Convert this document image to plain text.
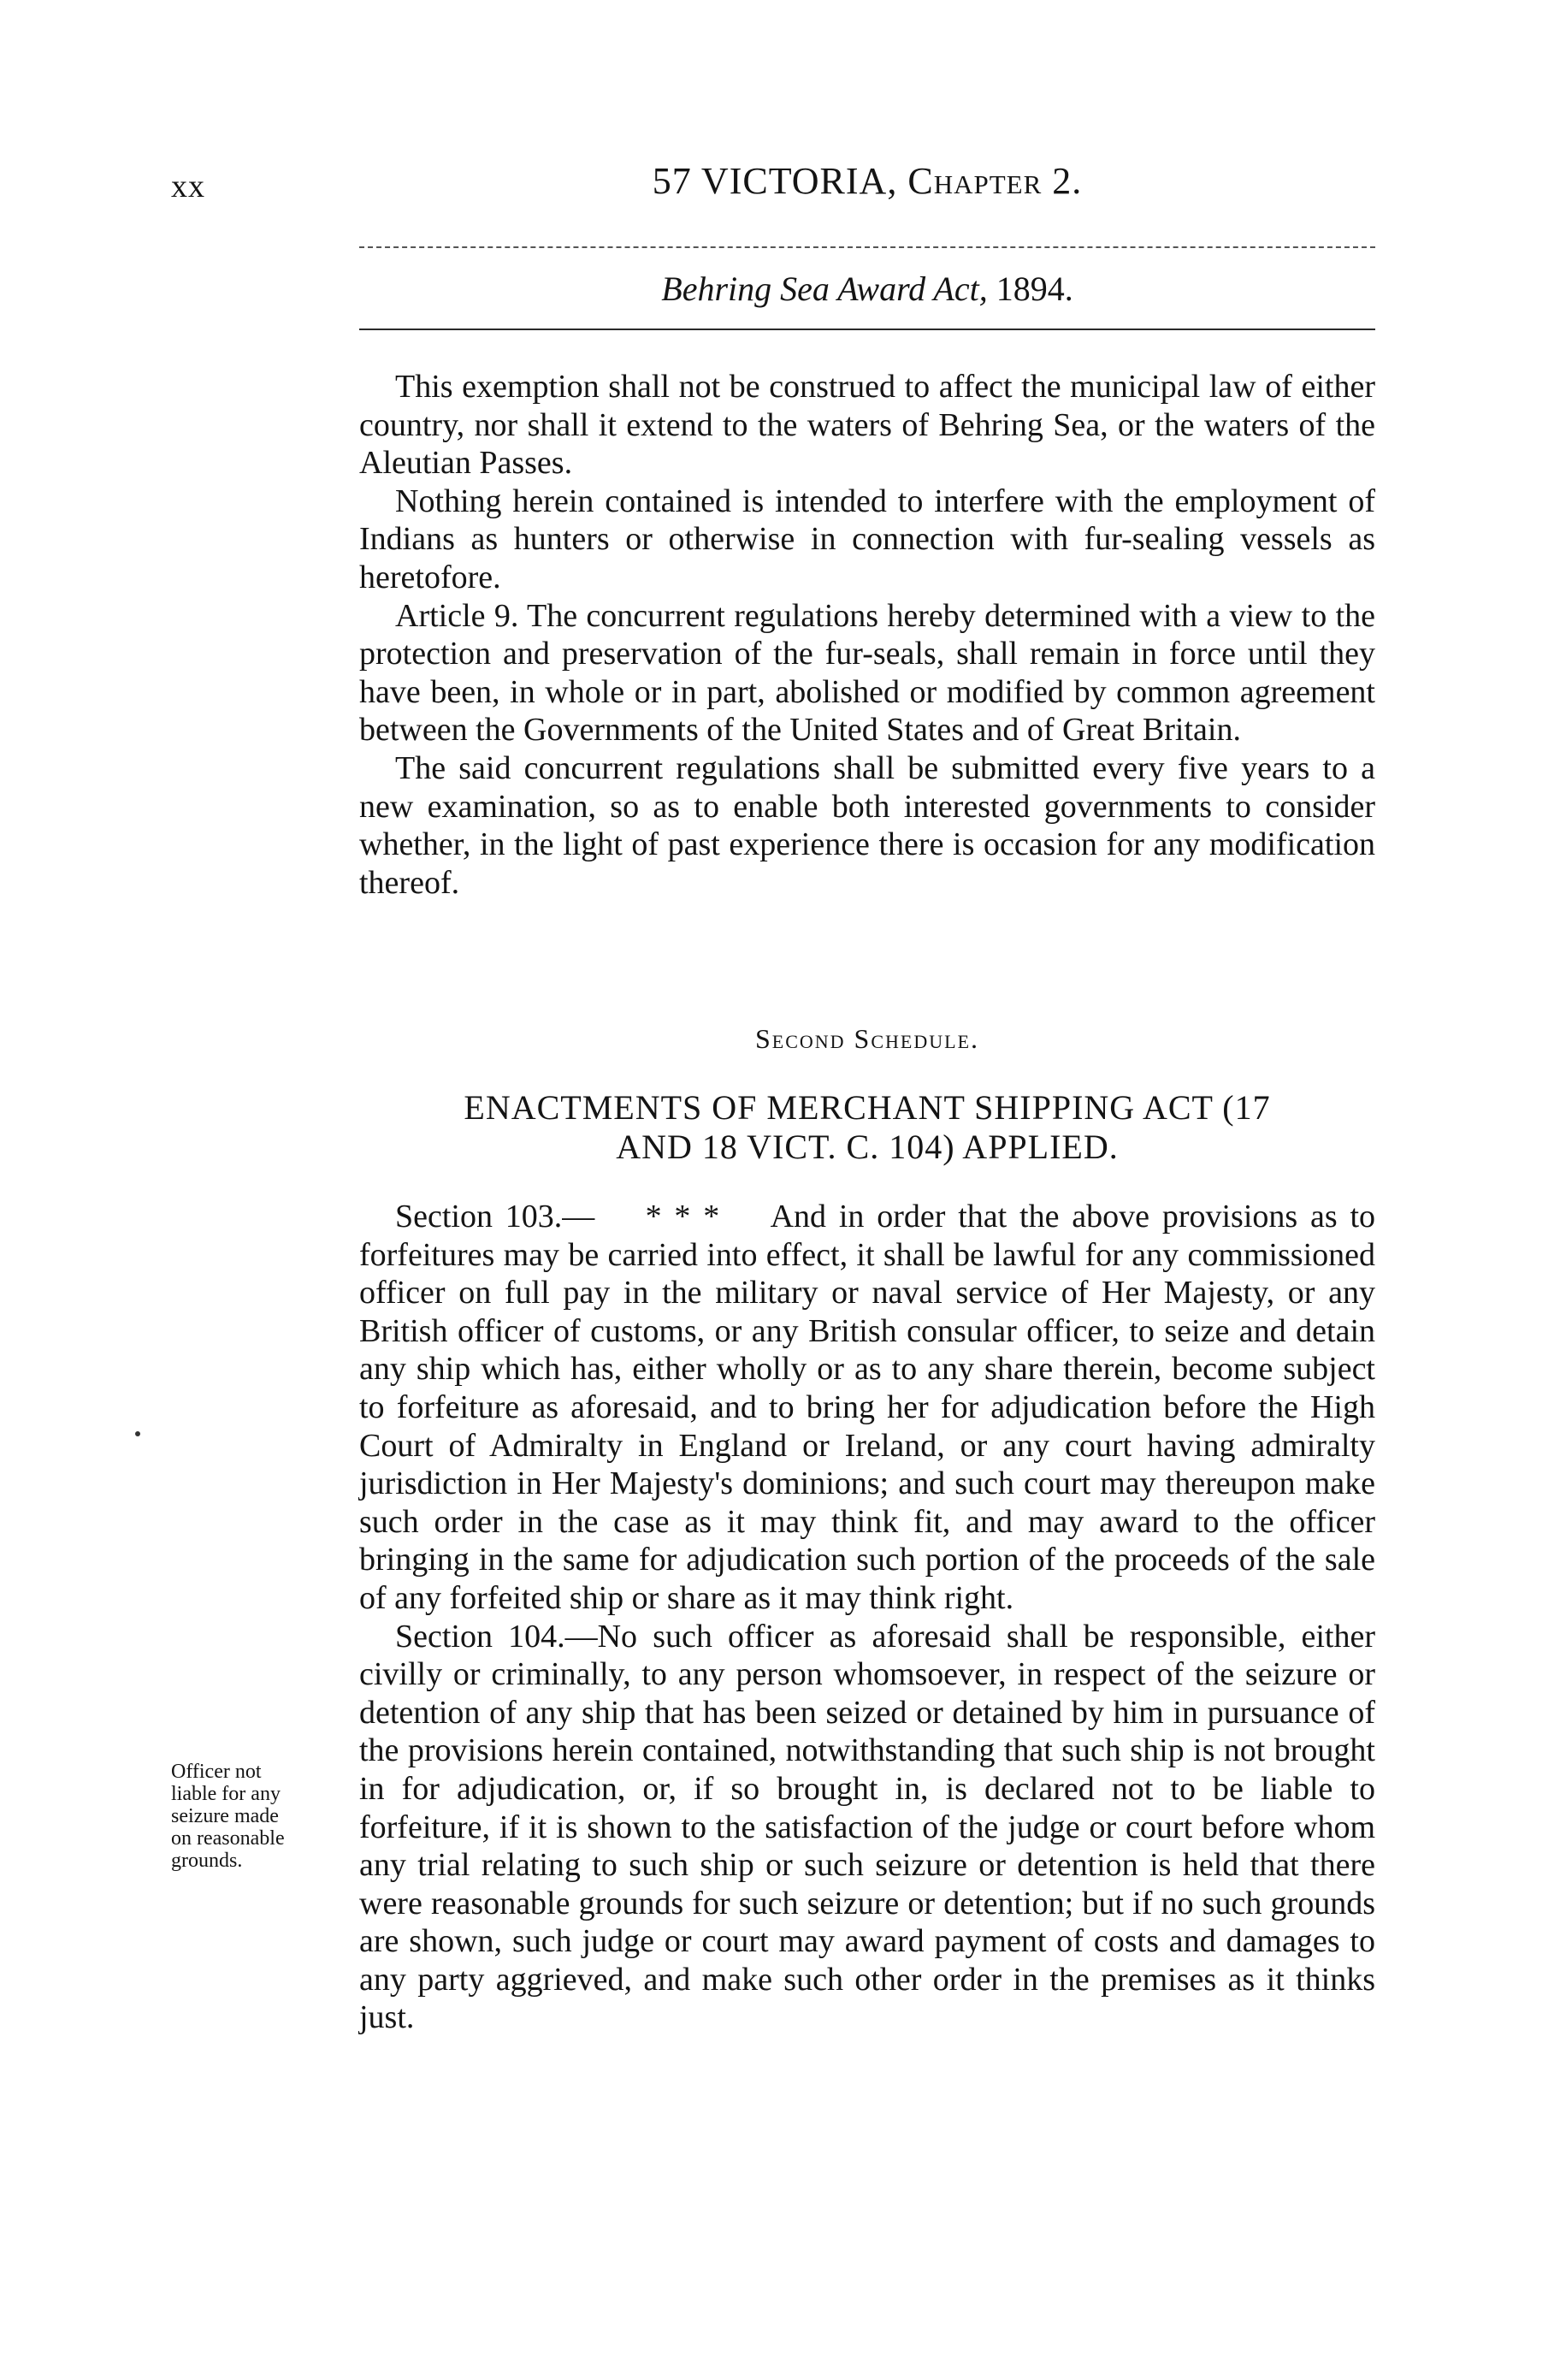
xx	57 VICTORIA, Chapter 2.
Behring Sea Award Act, 1894.

This exemption shall not be construed to affect the municipal law of either country, nor shall it extend to the waters of Behring Sea, or the waters of the Aleutian Passes.

Nothing herein contained is intended to interfere with the employment of Indians as hunters or otherwise in connection with fur-sealing vessels as heretofore.

Article 9. The concurrent regulations hereby determined with a view to the protection and preservation of the fur-seals, shall remain in force until they have been, in whole or in part, abolished or modified by common agreement between the Governments of the United States and of Great Britain.

The said concurrent regulations shall be submitted every five years to a new examination, so as to enable both interested governments to consider whether, in the light of past experience there is occasion for any modification thereof.

Second Schedule.
ENACTMENTS OF MERCHANT SHIPPING ACT (17
AND 18 VICT. C. 104) APPLIED.

Section 103.— * * * And in order that the above provisions as to forfeitures may be carried into effect, it shall be lawful for any commissioned officer on full pay in the military or naval service of Her Majesty, or any British officer of customs, or any British consular officer, to seize and detain any ship which has, either wholly or as to any share therein, become subject to forfeiture as aforesaid, and to bring her for adjudication before the High Court of Admiralty in England or Ireland, or any court having admiralty jurisdiction in Her Majesty's dominions; and such court may thereupon make such order in the case as it may think fit, and may award to the officer bringing in the same for adjudication such portion of the proceeds of the sale of any forfeited ship or share as it may think right.

Section 104.—No such officer as aforesaid shall be responsible, either civilly or criminally, to any person whomsoever, in respect of the seizure or detention of any ship that has been seized or detained by him in pursuance of the provisions herein contained, notwithstanding that such ship is not brought in for adjudication, or, if so brought in, is declared not to be liable to forfeiture, if it is shown to the satisfaction of the judge or court before whom any trial relating to such ship or such seizure or detention is held that there were reasonable grounds for such seizure or detention; but if no such grounds are shown, such judge or court may award payment of costs and damages to any party aggrieved, and make such other order in the premises as it thinks just.

Officer not
liable for any
seizure made
on reasonable
grounds.
